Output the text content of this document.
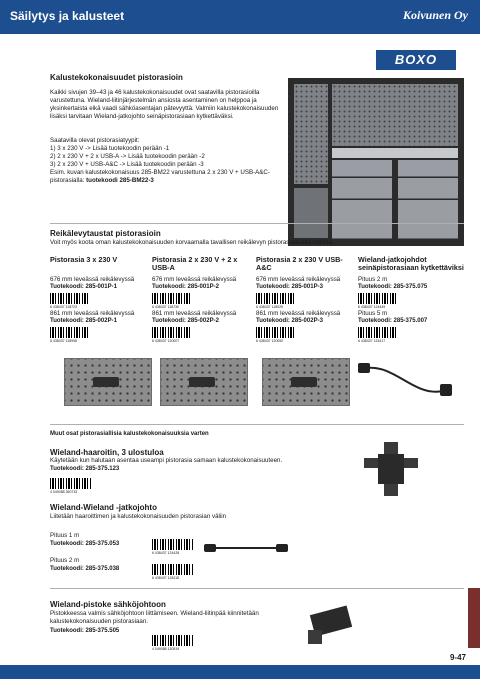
Säilytys ja kalusteet	Koivunen Oy
BOXO
Kalustekokonaisuudet pistorasioin
Kaikki sivujen 39–43 ja 46 kalustekokonaisuudet ovat saatavilla pistorasioilla varustettuna. Wieland-liitinjärjestelmän ansiosta asentaminen on helppoa ja yksinkertaista eikä vaadi sähköasentajan pätevyyttä. Valmiin kalustekokonaisuuden lisäksi tarvitaan Wieland-jatkojohto seinäpistorasiaan kytkettäväksi.
Saatavilla olevat pistorasiatyypit:
1) 3 x 230 V -> Lisää tuotekoodin perään -1
2) 2 x 230 V + 2 x USB-A -> Lisää tuotekoodin perään -2
3) 2 x 230 V + USB-A&C -> Lisää tuotekoodin perään -3
Esim. kuvan kalustekokonaisuus 285-BM22 varustettuna 2 x 230 V + USB-A&C-pistorasialla: tuotekoodi 285-BM22-3
Reikälevytaustat pistorasioin
Voit myös koota oman kalustekokonaisuuden korvaamalla tavallisen reikälevyn pistorasiallisella mallilla:
Pistorasia 3 x 230 V
676 mm leveässä reikälevyssä
Tuotekoodi: 285-001P-1
6 438437 118723
861 mm leveässä reikälevyssä
Tuotekoodi: 285-002P-1
6 438437 118998
Pistorasia 2 x 230 V + 2 x USB-A
676 mm leveässä reikälevyssä
Tuotekoodi: 285-001P-2
6 438437 118730
861 mm leveässä reikälevyssä
Tuotekoodi: 285-002P-2
6 438437 120007
Pistorasia 2 x 230 V USB-A&C
676 mm leveässä reikälevyssä
Tuotekoodi: 285-001P-3
6 438437 118929
861 mm leveässä reikälevyssä
Tuotekoodi: 285-002P-3
6 438437 120052
Wieland-jatkojohdot seinäpistorasiaan kytkettäviksi
Pituus 2 m
Tuotekoodi: 285-375.075
6 438437 124449
Pituus 5 m
Tuotekoodi: 285-375.007
6 438437 124417
Muut osat pistorasiallisia kalustekokonaisuuksia varten
Wieland-haaroitin, 3 ulostuloa
Käytetään kun halutaan asentaa useampi pistorasia samaan kalustekokonaisuuteen.
Tuotekoodi: 285-375.123
4 049088 350733
Wieland-Wieland -jatkojohto
Liitetään haaroittimen ja kalustekokonaisuuden pistorasian väliin
Pituus 1 m
Tuotekoodi: 285-375.053
6 438437 124428
Pituus 2 m
Tuotekoodi: 285-375.038
6 438437 128118
Wieland-pistoke sähköjohtoon
Pistokkeessa valmis sähköjohtoon liittämiseen. Wieland-liitinpää kiinnitetään kalustekokonaisuuden pistorasiaan.
Tuotekoodi: 285-375.505
4 049088 130519
9-47
